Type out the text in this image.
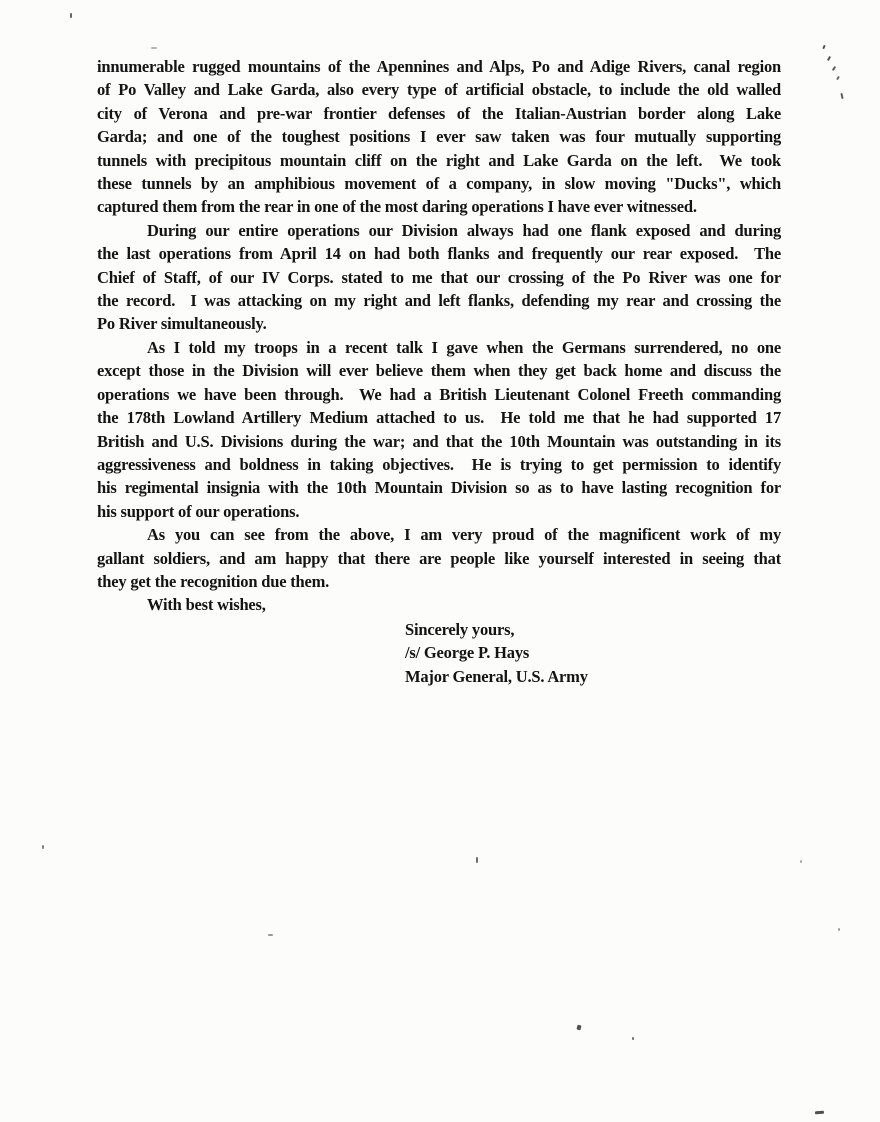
innumerable rugged mountains of the Apennines and Alps, Po and Adige Rivers, canal region
of Po Valley and Lake Garda, also every type of artificial obstacle, to include the old walled
city of Verona and pre-war frontier defenses of the Italian-Austrian border along Lake
Garda; and one of the toughest positions I ever saw taken was four mutually supporting
tunnels with precipitous mountain cliff on the right and Lake Garda on the left.  We took
these tunnels by an amphibious movement of a company, in slow moving "Ducks", which
captured them from the rear in one of the most daring operations I have ever witnessed.
During our entire operations our Division always had one flank exposed and during
the last operations from April 14 on had both flanks and frequently our rear exposed.  The
Chief of Staff, of our IV Corps. stated to me that our crossing of the Po River was one for
the record.  I was attacking on my right and left flanks, defending my rear and crossing the
Po River simultaneously.
As I told my troops in a recent talk I gave when the Germans surrendered, no one
except those in the Division will ever believe them when they get back home and discuss the
operations we have been through.  We had a British Lieutenant Colonel Freeth commanding
the 178th Lowland Artillery Medium attached to us.  He told me that he had supported 17
British and U.S. Divisions during the war; and that the 10th Mountain was outstanding in its
aggressiveness and boldness in taking objectives.  He is trying to get permission to identify
his regimental insignia with the 10th Mountain Division so as to have lasting recognition for
his support of our operations.
As you can see from the above, I am very proud of the magnificent work of my
gallant soldiers, and am happy that there are people like yourself interested in seeing that
they get the recognition due them.
With best wishes,
Sincerely yours,
/s/ George P. Hays
Major General, U.S. Army
